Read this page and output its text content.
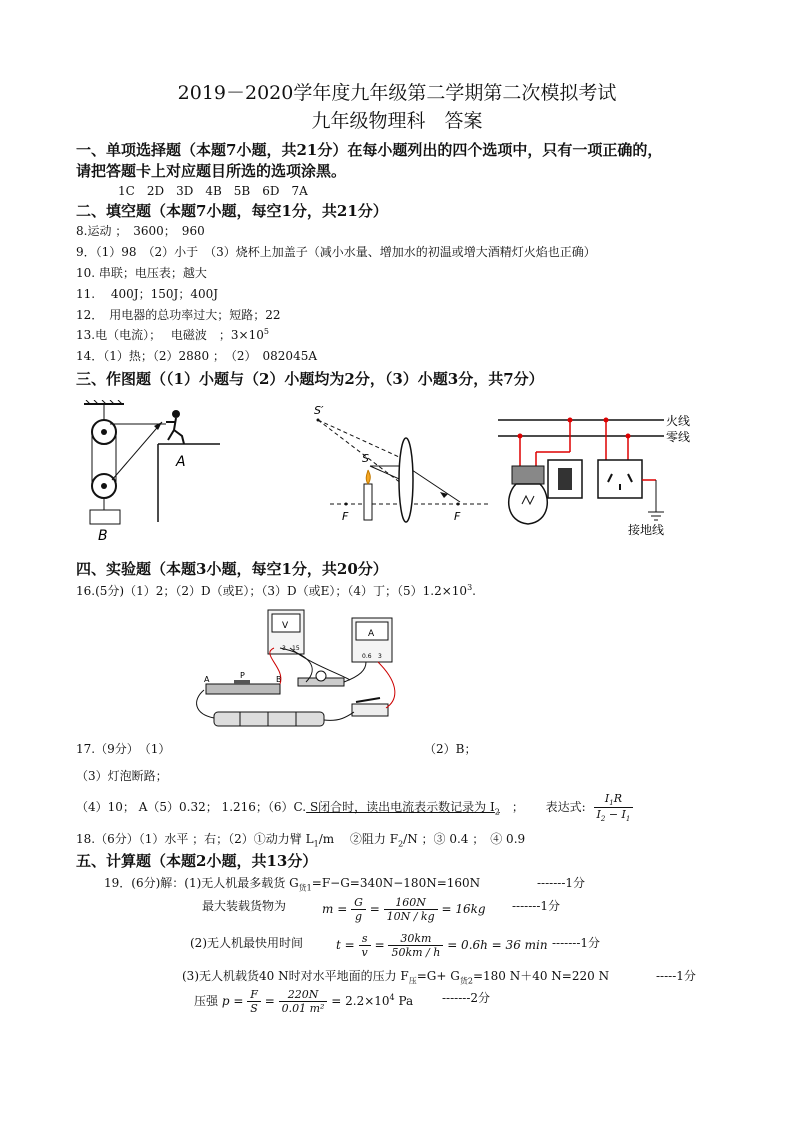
2019－2020学年度九年级第二学期第二次模拟考试
九年级物理科　答案
一、单项选择题（本题7小题，共21分）在每小题列出的四个选项中，只有一项正确的，
请把答题卡上对应题目所选的选项涂黑。
1C　2D　3D　4B　5B　6D　7A
二、填空题（本题7小题，每空1分，共21分）
8.运动 ；　3600；　960
9．（1）98　（2）小于　（3）烧杯上加盖子（减小水量、增加水的初温或增大酒精灯火焰也正确）
10. 串联；电压表；越大
11.　 400J；150J；400J
12．　用电器的总功率过大；短路；22
13.电（电流）；　 电磁波　；$3\times 10^5$
14．（1）热；（2）2880 ；　（2）　082045A
三、作图题（（1）小题与（2）小题均为2分，（3）小题3分，共7分）
A
B
S′
S
F	F
火线
零线
接地线
四、实验题（本题3小题，每空1分，共20分）
16.(5分)（1）2；（2）D（或E）；（3）D（或E）；（4）丁；$(5)1.2\times 10^3$.
V
3 15
A
0.6 3
A	P	B
17.（9分）　（1）	（2）B；
（3）灯泡断路；
（4）10； A（5）0.32； 1.216；（6）C. S闭合时，读出电流表示数记录为 $I_2$　；　　 表达式: $\frac{I_1R}{I_2 - I_1}$
18.（6分）（1）水平 ；右；（2）①动力臂 $L_1/m$　 ②阻力 $F_2/N$ ；③ 0.4 ；　④ 0.9
五、计算题（本题2小题，共13分）
19．(6分)解：(1)无人机最多载货 $G_{货1}=F-G=340N-180N=160N$	-------1分
最大装载货物为	$m = \frac{G}{g} = \frac{160N}{10N / kg} = 16kg$ -------1分
(2)无人机最快用时间	$t = \frac{s}{v} = \frac{30km}{50km / h} = 0.6h = 36$ min -------1分
(3)无人机载货40 N时对水平地面的压力 $F_压=G+ G_{货2}=180$ N＋40 N=220 N	-----1分
压强 $p = \frac{F}{S} = \frac{220N}{\text{0.01 m²}} = 2.2\times 10^4$ Pa -------2分
